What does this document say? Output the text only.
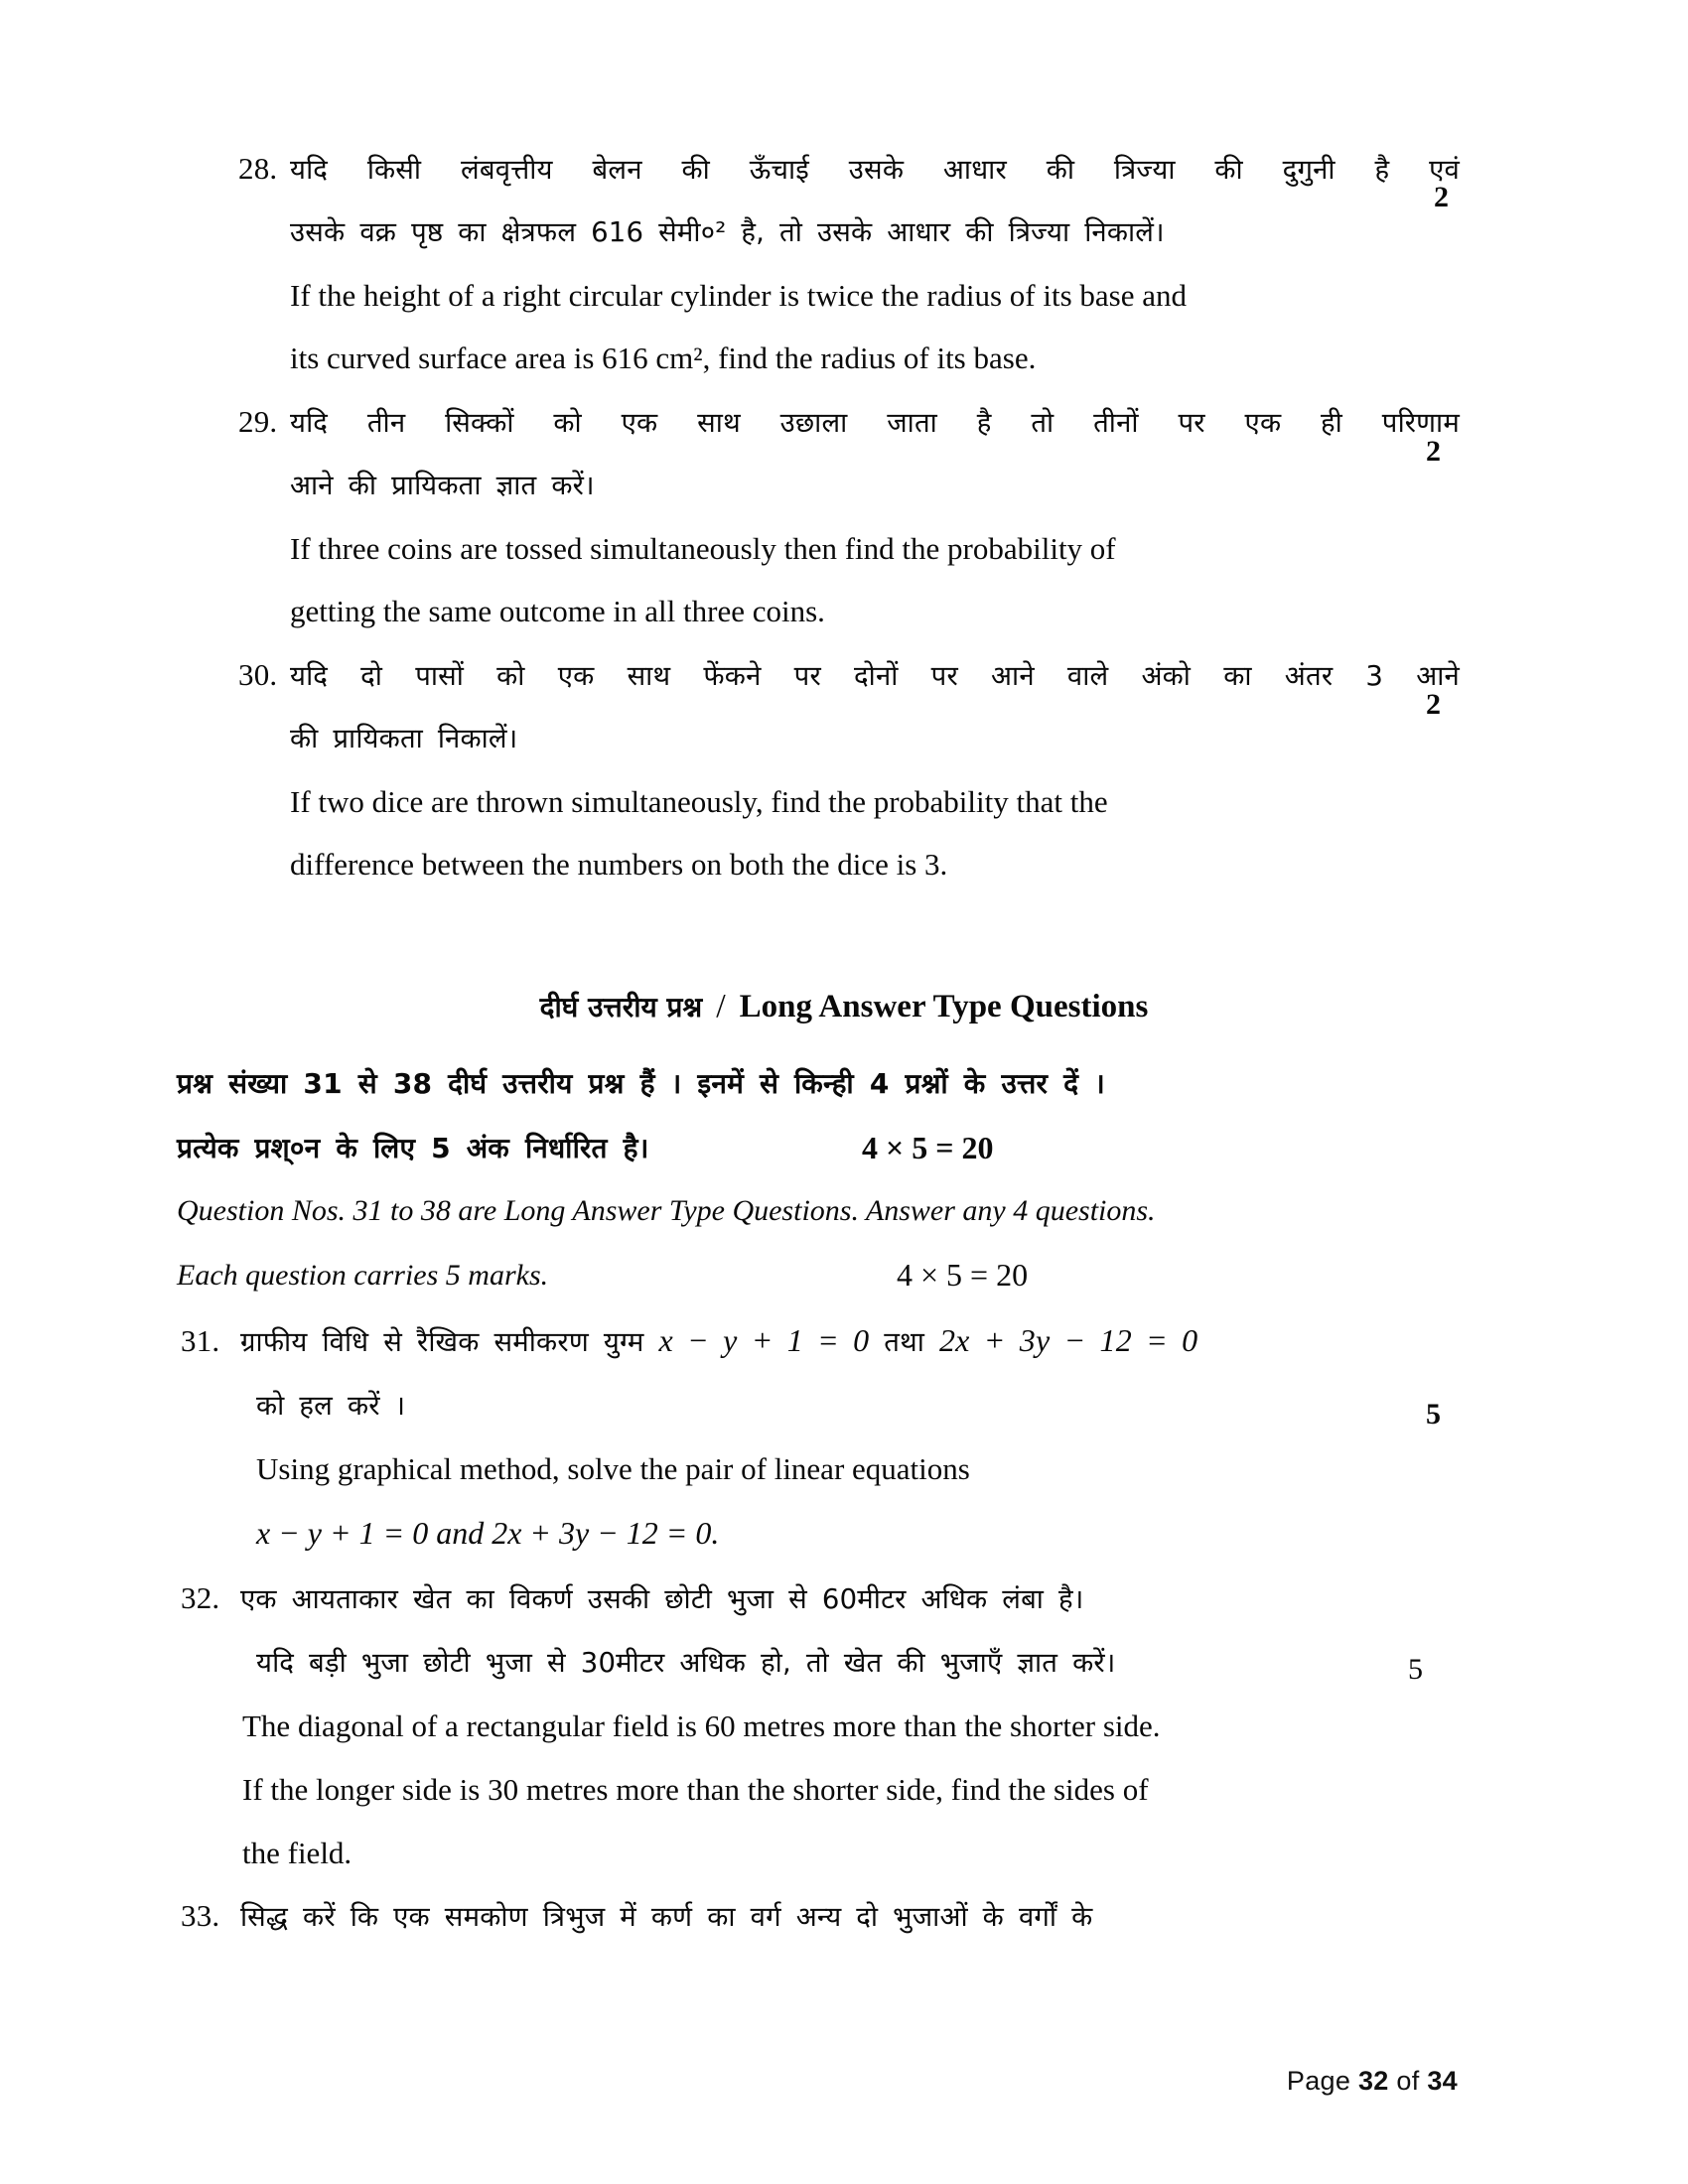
28. यदि किसी लंबवृत्तीय बेलन की ऊँचाई उसके आधार की त्रिज्या की दुगुनी है एवं
उसके वक्र पृष्ठ का क्षेत्रफल 616 सेमी०² है, तो उसके आधार की त्रिज्या निकालें।
If the height of a right circular cylinder is twice the radius of its base and
its curved surface area is 616 cm², find the radius of its base.
2
29. यदि तीन सिक्कों को एक साथ उछाला जाता है तो तीनों पर एक ही परिणाम
आने की प्रायिकता ज्ञात करें।
If three coins are tossed simultaneously then find the probability of
getting the same outcome in all three coins.
2
30. यदि दो पासों को एक साथ फेंकने पर दोनों पर आने वाले अंको का अंतर 3 आने
की प्रायिकता निकालें।
If two dice are thrown simultaneously, find the probability that the
difference between the numbers on both the dice is 3.
2
दीर्घ उत्तरीय प्रश्न / Long Answer Type Questions
प्रश्न संख्या 31 से 38 दीर्घ उत्तरीय प्रश्न हैं । इनमें से किन्ही 4 प्रश्नों के उत्तर दें ।
प्रत्येक प्रश्०न के लिए 5 अंक निर्धारित है।	4 × 5 = 20
Question Nos. 31 to 38 are Long Answer Type Questions. Answer any 4 questions.
Each question carries 5 marks.	4 × 5 = 20
31. ग्राफीय विधि से रैखिक समीकरण युग्म x − y + 1 = 0 तथा 2x + 3y − 12 = 0
को हल करें ।
Using graphical method, solve the pair of linear equations
x − y + 1 = 0 and 2x + 3y − 12 = 0.
5
32. एक आयताकार खेत का विकर्ण उसकी छोटी भुजा से 60मीटर अधिक लंबा है।
यदि बड़ी भुजा छोटी भुजा से 30मीटर अधिक हो, तो खेत की भुजाएँ ज्ञात करें।
The diagonal of a rectangular field is 60 metres more than the shorter side.
If the longer side is 30 metres more than the shorter side, find the sides of
the field.
5
33. सिद्ध करें कि एक समकोण त्रिभुज में कर्ण का वर्ग अन्य दो भुजाओं के वर्गों के
Page 32 of 34
